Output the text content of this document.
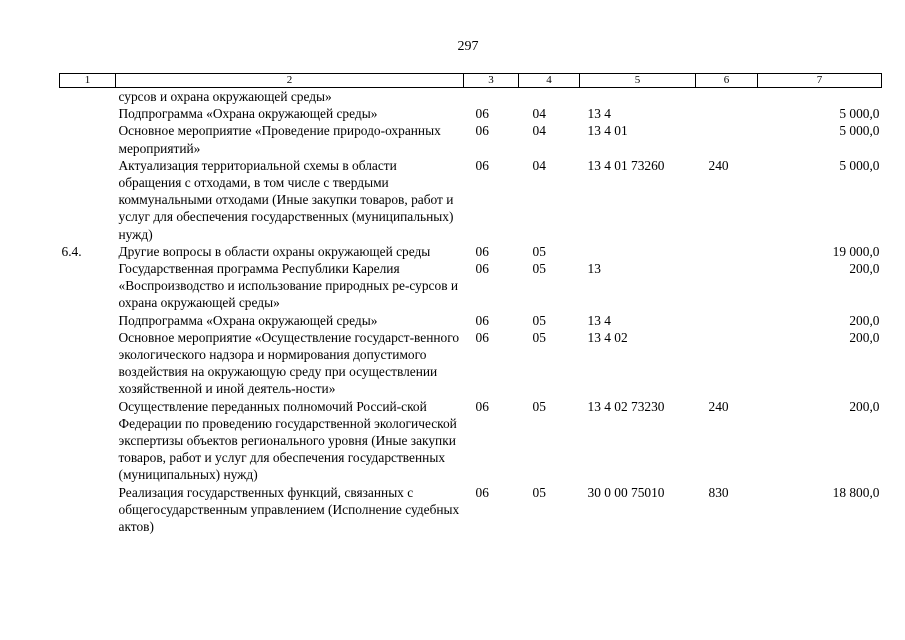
297
1	2	3	4	5	6	7
	сурсов и охрана окружающей среды»					
	Подпрограмма «Охрана окружающей среды»	06	04	13 4		5 000,0
	Основное мероприятие «Проведение природо-охранных мероприятий»	06	04	13 4 01		5 000,0
	Актуализация территориальной схемы в области обращения с отходами, в том числе с твердыми коммунальными отходами (Иные закупки товаров, работ и услуг для обеспечения государственных (муниципальных) нужд)	06	04	13 4 01 73260	240	5 000,0
6.4.	Другие вопросы в области охраны окружающей среды	06	05			19 000,0
	Государственная программа Республики Карелия «Воспроизводство и использование природных ре-сурсов и охрана окружающей среды»	06	05	13		200,0
	Подпрограмма «Охрана окружающей среды»	06	05	13 4		200,0
	Основное мероприятие «Осуществление государст-венного экологического надзора и нормирования допустимого воздействия на окружающую среду при осуществлении хозяйственной и иной деятель-ности»	06	05	13 4 02		200,0
	Осуществление переданных полномочий Россий-ской Федерации по проведению государственной экологической экспертизы объектов регионального уровня (Иные закупки товаров, работ и услуг для обеспечения государственных (муниципальных) нужд)	06	05	13 4 02 73230	240	200,0
	Реализация государственных функций, связанных с общегосударственным управлением (Исполнение судебных актов)	06	05	30 0 00 75010	830	18 800,0
